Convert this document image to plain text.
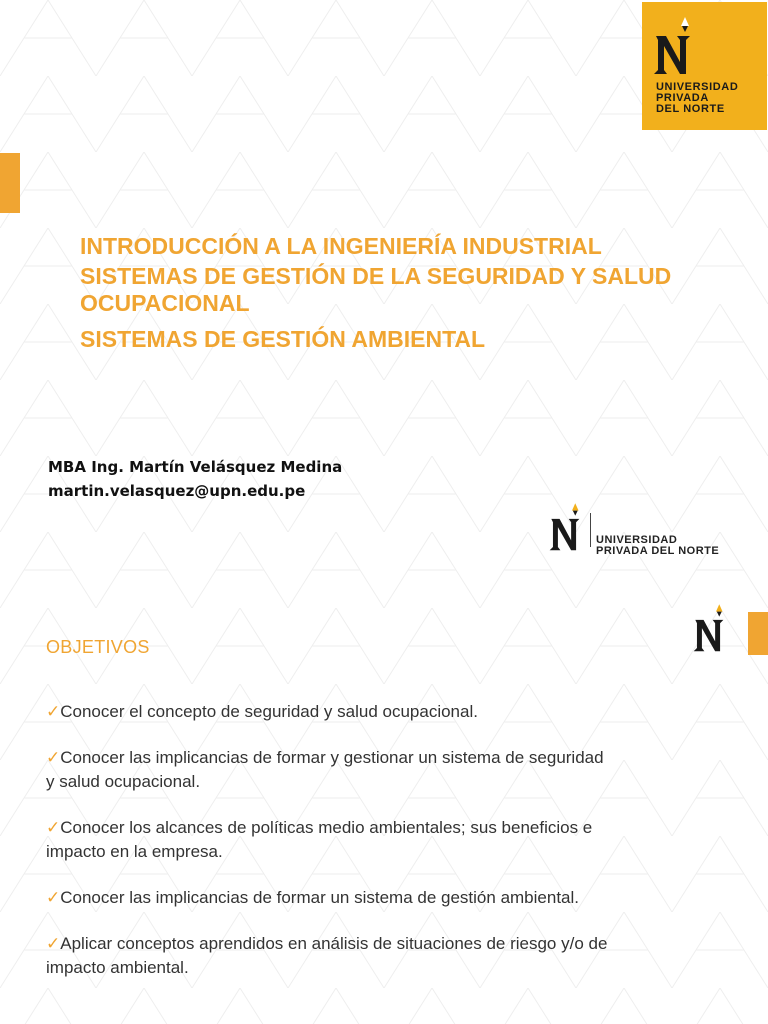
UNIVERSIDAD
PRIVADA
DEL NORTE
INTRODUCCIÓN A LA INGENIERÍA INDUSTRIAL
SISTEMAS DE GESTIÓN DE LA SEGURIDAD Y SALUD
OCUPACIONAL
SISTEMAS DE GESTIÓN AMBIENTAL
MBA Ing. Martín Velásquez Medina
martin.velasquez@upn.edu.pe
UNIVERSIDAD
PRIVADA DEL NORTE
OBJETIVOS
✓Conocer el concepto de seguridad y salud ocupacional.
✓Conocer las implicancias de formar y gestionar un sistema de seguridad
y salud ocupacional.
✓Conocer los alcances de políticas medio ambientales; sus beneficios e
impacto en la empresa.
✓Conocer las implicancias de formar un sistema de gestión ambiental.
✓Aplicar conceptos aprendidos en análisis de situaciones de riesgo y/o de
impacto ambiental.
